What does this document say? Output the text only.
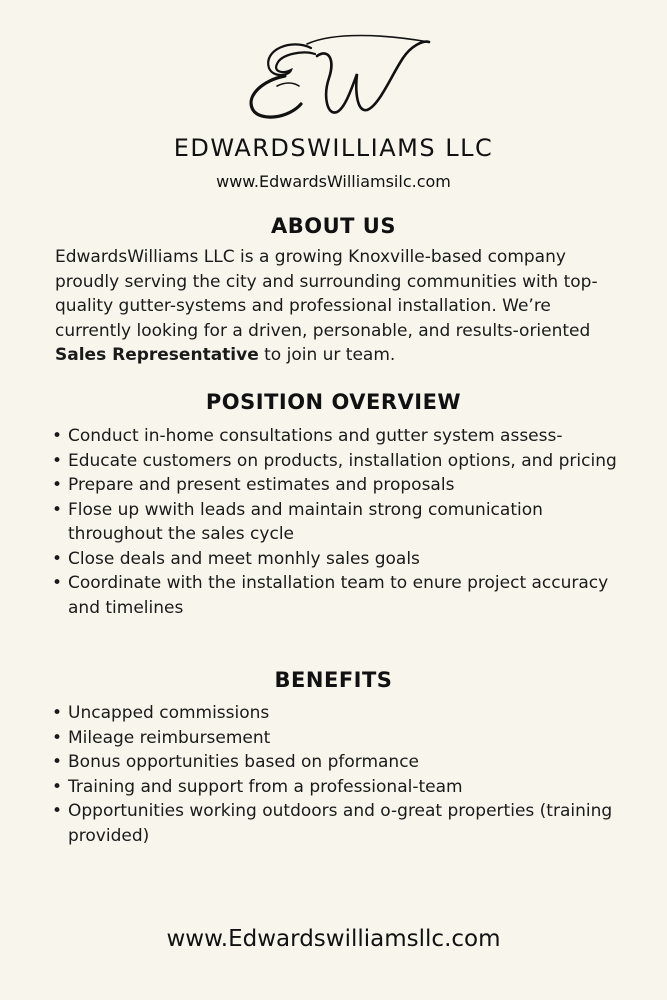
EDWARDSWILLIAMS LLC
www.EdwardsWilliamsilc.com
ABOUT US

EdwardsWilliams LLC is a growing Knoxville-based company proudly serving the city and surrounding communities with top-quality gutter-systems and professional installation. We’re currently looking for a driven, personable, and results-oriented Sales Representative to join ur team.

POSITION OVERVIEW
• Conduct in-home consultations and gutter system assess-
• Educate customers on products, installation options, and pricing
• Prepare and present estimates and proposals
• Flose up wwith leads and maintain strong comunication throughout the sales cycle
• Close deals and meet monhly sales goals
• Coordinate with the installation team to enure project accuracy and timelines
BENEFITS
• Uncapped commissions
• Mileage reimbursement
• Bonus opportunities based on pformance
• Training and support from a professional-team
• Opportunities working outdoors and o-great properties (training provided)
www.Edwardswilliamsllc.com
